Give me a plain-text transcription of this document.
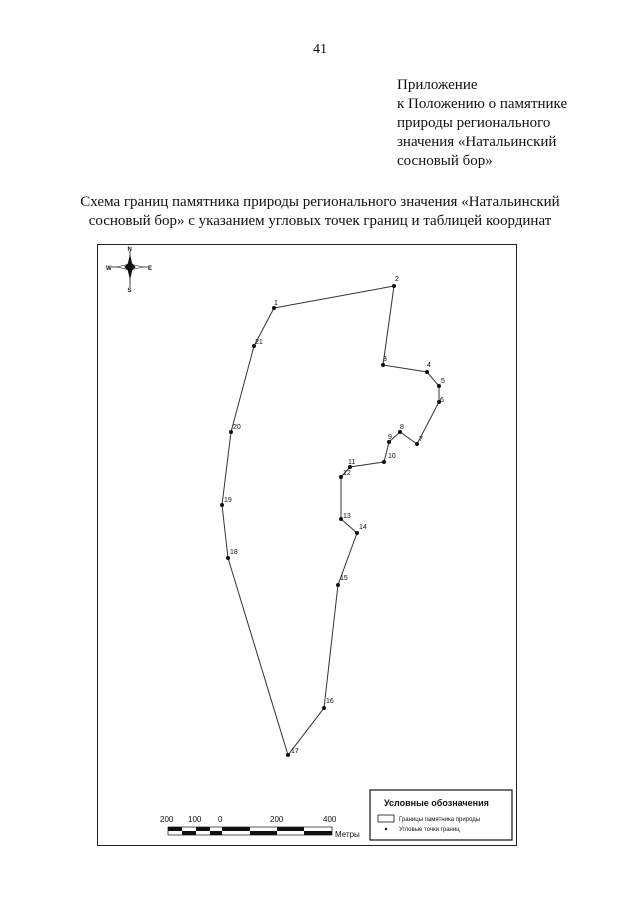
41
Приложение
к Положению о памятнике
природы регионального
значения «Натальинский
сосновый бор»
Схема границ памятника природы регионального значения «Натальинский
сосновый бор» с указанием угловых точек границ и таблицей координат
N
S
E
W
1
2
3
4
5
6
7
8
9
10
11
12
13
14
15
16
17
18
19
20
21
200 100 0	200	400
Метры
Условные обозначения
Границы памятника природы
Угловые точки границ
